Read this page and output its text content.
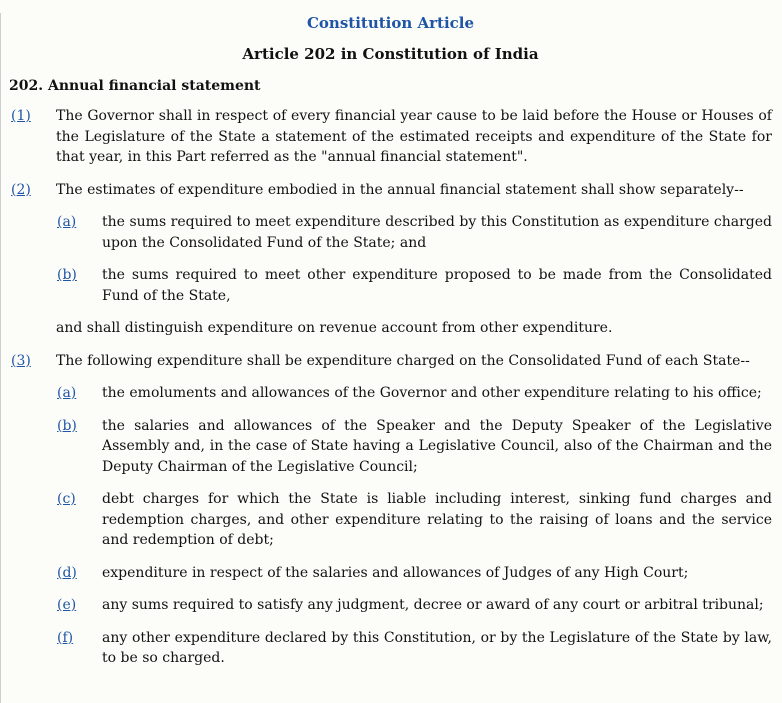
Constitution Article
Article 202 in Constitution of India
202. Annual financial statement
(1) The Governor shall in respect of every financial year cause to be laid before the House or Houses of the Legislature of the State a statement of the estimated receipts and expenditure of the State for that year, in this Part referred as the "annual financial statement".
(2) The estimates of expenditure embodied in the annual financial statement shall show separately--
(a) the sums required to meet expenditure described by this Constitution as expenditure charged upon the Consolidated Fund of the State; and
(b) the sums required to meet other expenditure proposed to be made from the Consolidated Fund of the State,
and shall distinguish expenditure on revenue account from other expenditure.
(3) The following expenditure shall be expenditure charged on the Consolidated Fund of each State--
(a) the emoluments and allowances of the Governor and other expenditure relating to his office;
(b) the salaries and allowances of the Speaker and the Deputy Speaker of the Legislative Assembly and, in the case of State having a Legislative Council, also of the Chairman and the Deputy Chairman of the Legislative Council;
(c) debt charges for which the State is liable including interest, sinking fund charges and redemption charges, and other expenditure relating to the raising of loans and the service and redemption of debt;
(d) expenditure in respect of the salaries and allowances of Judges of any High Court;
(e) any sums required to satisfy any judgment, decree or award of any court or arbitral tribunal;
(f) any other expenditure declared by this Constitution, or by the Legislature of the State by law, to be so charged.
